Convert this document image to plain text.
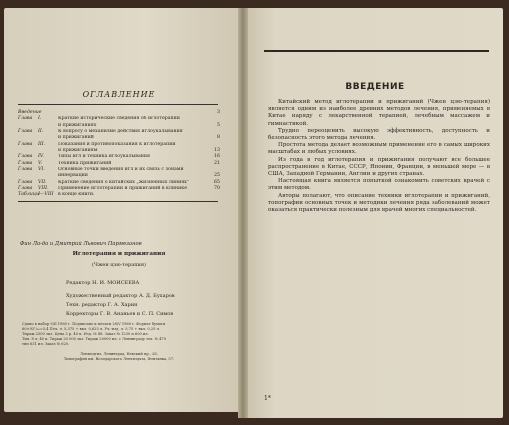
ОГЛАВЛЕНИЕ
Введение	3
Глава	I.	Краткие исторические сведения об иглотерапии
и прижиганиях	5
Глава	II.	К вопросу о механизме действия иглоукалывания
и прижиганий	8
Глава	III.	Показания и противопоказания к иглотерапии
и прижиганиям	13
Глава	IV.	Типы игл и техника иглоукалывания	16
Глава	V.	Техника прижиганий	21
Глава	VI.	Основные точки введения игл и их связь с зонами
иннервации	25
Глава	VII.	Краткие сведения о китайских „жизненных линиях"	65
Глава	VIII.	Применение иглотерапии и прижиганий в клинике	70
Таблицы
I—VIII в конце книги.
Фин Ла-да и Дмитрий Львович Пармезанов
Иглотерапия и прижигания
(Чжен цзю-терапия)
Редактор Н. И. МОИСЕЕВА
Художественный редактор А. Д. Бухаров
Техн. редактор Г. А. Харин
Корректоры Г. В. Ананьев и С. П. Симов
Сдано в набор 9/II 1960 г. Подписано к печати 28/V 1960 г. Формат бумаги
60×92¹/₁₆=5,4 Печ. л. 5,375 + вкл. 0,625 л. Уч.-изд. л. 5,75 + вкл. 0,25 л.
Тираж 2500 экз. Цена 3 р. 40 к. Изд. № 48. Заказ № 1230 и 600 ил.
Тип. 8 л. 40 к. Тираж 20 000 экз. Тираж 20000 ил. с Ленинграду тех. № 479
тип 631 ил. Заказ № 620.
Ленмедгиз, Ленинград, Невский пр., 28.
Типография им. Володарского Ленгиздата, Фонтанка, 57.
ВВЕДЕНИЕ

Китайский метод иглотерапии и прижиганий (Чжен цзю-терапия) является одним из наиболее древних методов лечения, применяемых в Китае наряду с лекарственной терапией, лечебным массажем и гимнастикой.

Трудно переоценить высокую эффективность, доступность и безопасность этого метода лечения.

Простота метода делает возможным применение его в самых широких масштабах и любых условиях.

Из года в год иглотерапия и прижигания получают все большее распространение в Китае, СССР, Японии, Франции, в меньшей мере — в США, Западной Германии, Англии и других странах.

Настоящая книга является попыткой ознакомить советских врачей с этим методом.

Авторы полагают, что описание техники иглотерапии и прижиганий, топографии основных точек и методики лечения ряда заболеваний может оказаться практически полезным для врачей многих специальностей.

1*
